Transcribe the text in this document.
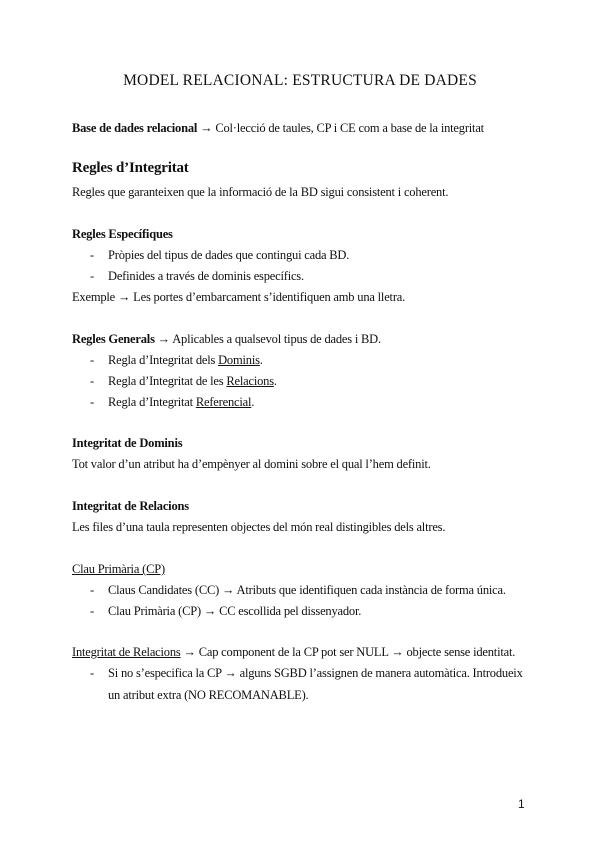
MODEL RELACIONAL: ESTRUCTURA DE DADES
Base de dades relacional → Col·lecció de taules, CP i CE com a base de la integritat
Regles d’Integritat
Regles que garanteixen que la informació de la BD sigui consistent i coherent.
Regles Específiques
- Pròpies del tipus de dades que contingui cada BD.
- Definides a través de dominis específics.
Exemple → Les portes d’embarcament s’identifiquen amb una lletra.
Regles Generals → Aplicables a qualsevol tipus de dades i BD.
- Regla d’Integritat dels Dominis.
- Regla d’Integritat de les Relacions.
- Regla d’Integritat Referencial.
Integritat de Dominis
Tot valor d’un atribut ha d’empènyer al domini sobre el qual l’hem definit.
Integritat de Relacions
Les files d’una taula representen objectes del món real distingibles dels altres.
Clau Primària (CP)
- Claus Candidates (CC) → Atributs que identifiquen cada instància de forma única.
- Clau Primària (CP) → CC escollida pel dissenyador.
Integritat de Relacions → Cap component de la CP pot ser NULL → objecte sense identitat.
- Si no s’especifica la CP → alguns SGBD l’assignen de manera automàtica. Introdueix
un atribut extra (NO RECOMANABLE).
1
